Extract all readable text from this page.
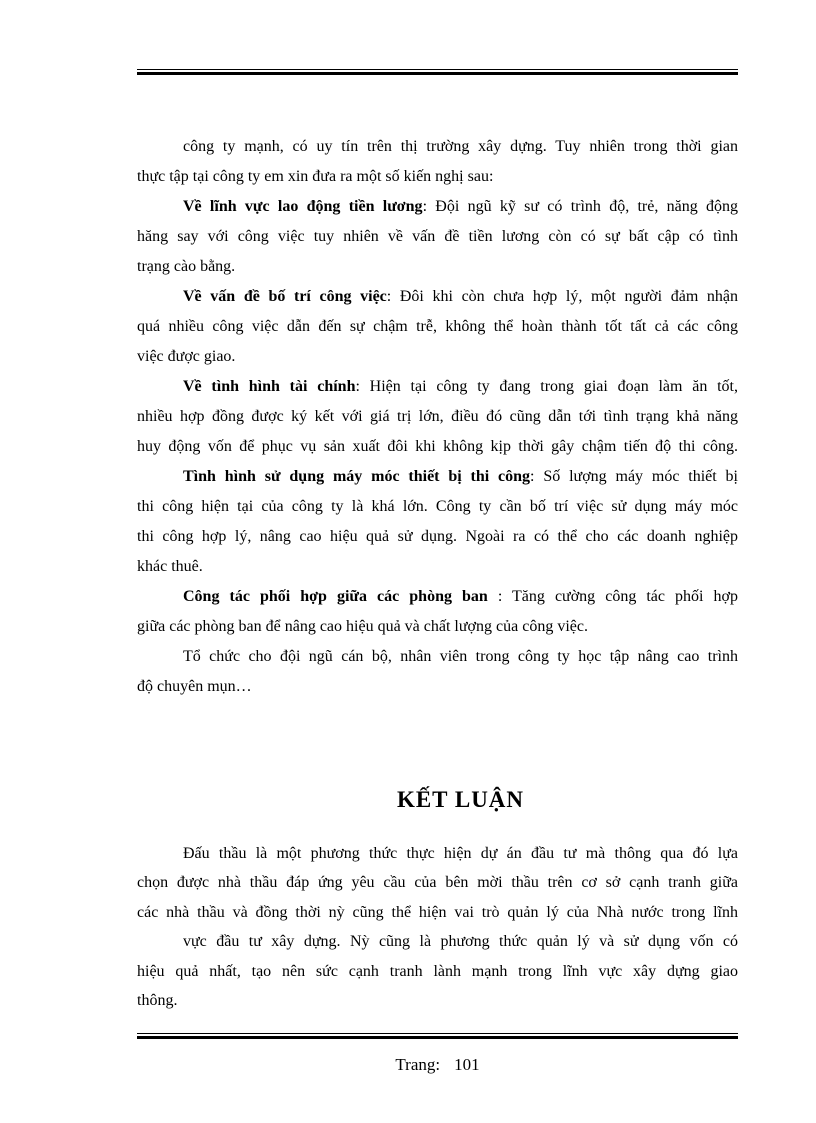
công ty mạnh, có uy tín trên thị trường xây dựng. Tuy nhiên trong thời gian
thực tập tại công ty em xin đưa ra một số kiến nghị sau:
Về lĩnh vực lao động tiền lương: Đội ngũ kỹ sư có trình độ, trẻ, năng động
hăng say với công việc tuy nhiên về vấn đề tiền lương còn có sự bất cập có tình
trạng cào bằng.
Về vấn đề bố trí công việc: Đôi khi còn chưa hợp lý, một người đảm nhận
quá nhiều công việc dẫn đến sự chậm trễ, không thể hoàn thành tốt tất cả các công
việc được giao.
Về tình hình tài chính: Hiện tại công ty đang trong giai đoạn làm ăn tốt,
nhiều hợp đồng được ký kết với giá trị lớn, điều đó cũng dẫn tới tình trạng khả năng
huy động vốn để phục vụ sản xuất đôi khi không kịp thời gây chậm tiến độ thi công.
Tình hình sử dụng máy móc thiết bị thi công: Số lượng máy móc thiết bị
thi công hiện tại của công ty là khá lớn. Công ty cần bố trí việc sử dụng máy móc
thi công hợp lý, nâng cao hiệu quả sử dụng. Ngoài ra có thể cho các doanh nghiệp
khác thuê.
Công tác phối hợp giữa các phòng ban : Tăng cường công tác phối hợp
giữa các phòng ban để nâng cao hiệu quả và chất lượng của công việc.
Tổ chức cho đội ngũ cán bộ, nhân viên trong công ty học tập nâng cao trình
độ chuyên mụn…
KẾT LUẬN
Đấu thầu là một phương thức thực hiện dự án đầu tư mà thông qua đó lựa
chọn được nhà thầu đáp ứng yêu cầu của bên mời thầu trên cơ sở cạnh tranh giữa
các nhà thầu và đồng thời nỳ cũng thể hiện vai trò quản lý của Nhà nước trong lĩnh
vực đầu tư xây dựng. Nỳ cũng là phương thức quản lý và sử dụng vốn có
hiệu quả nhất, tạo nên sức cạnh tranh lành mạnh trong lĩnh vực xây dựng giao
thông.
Trang: 101
